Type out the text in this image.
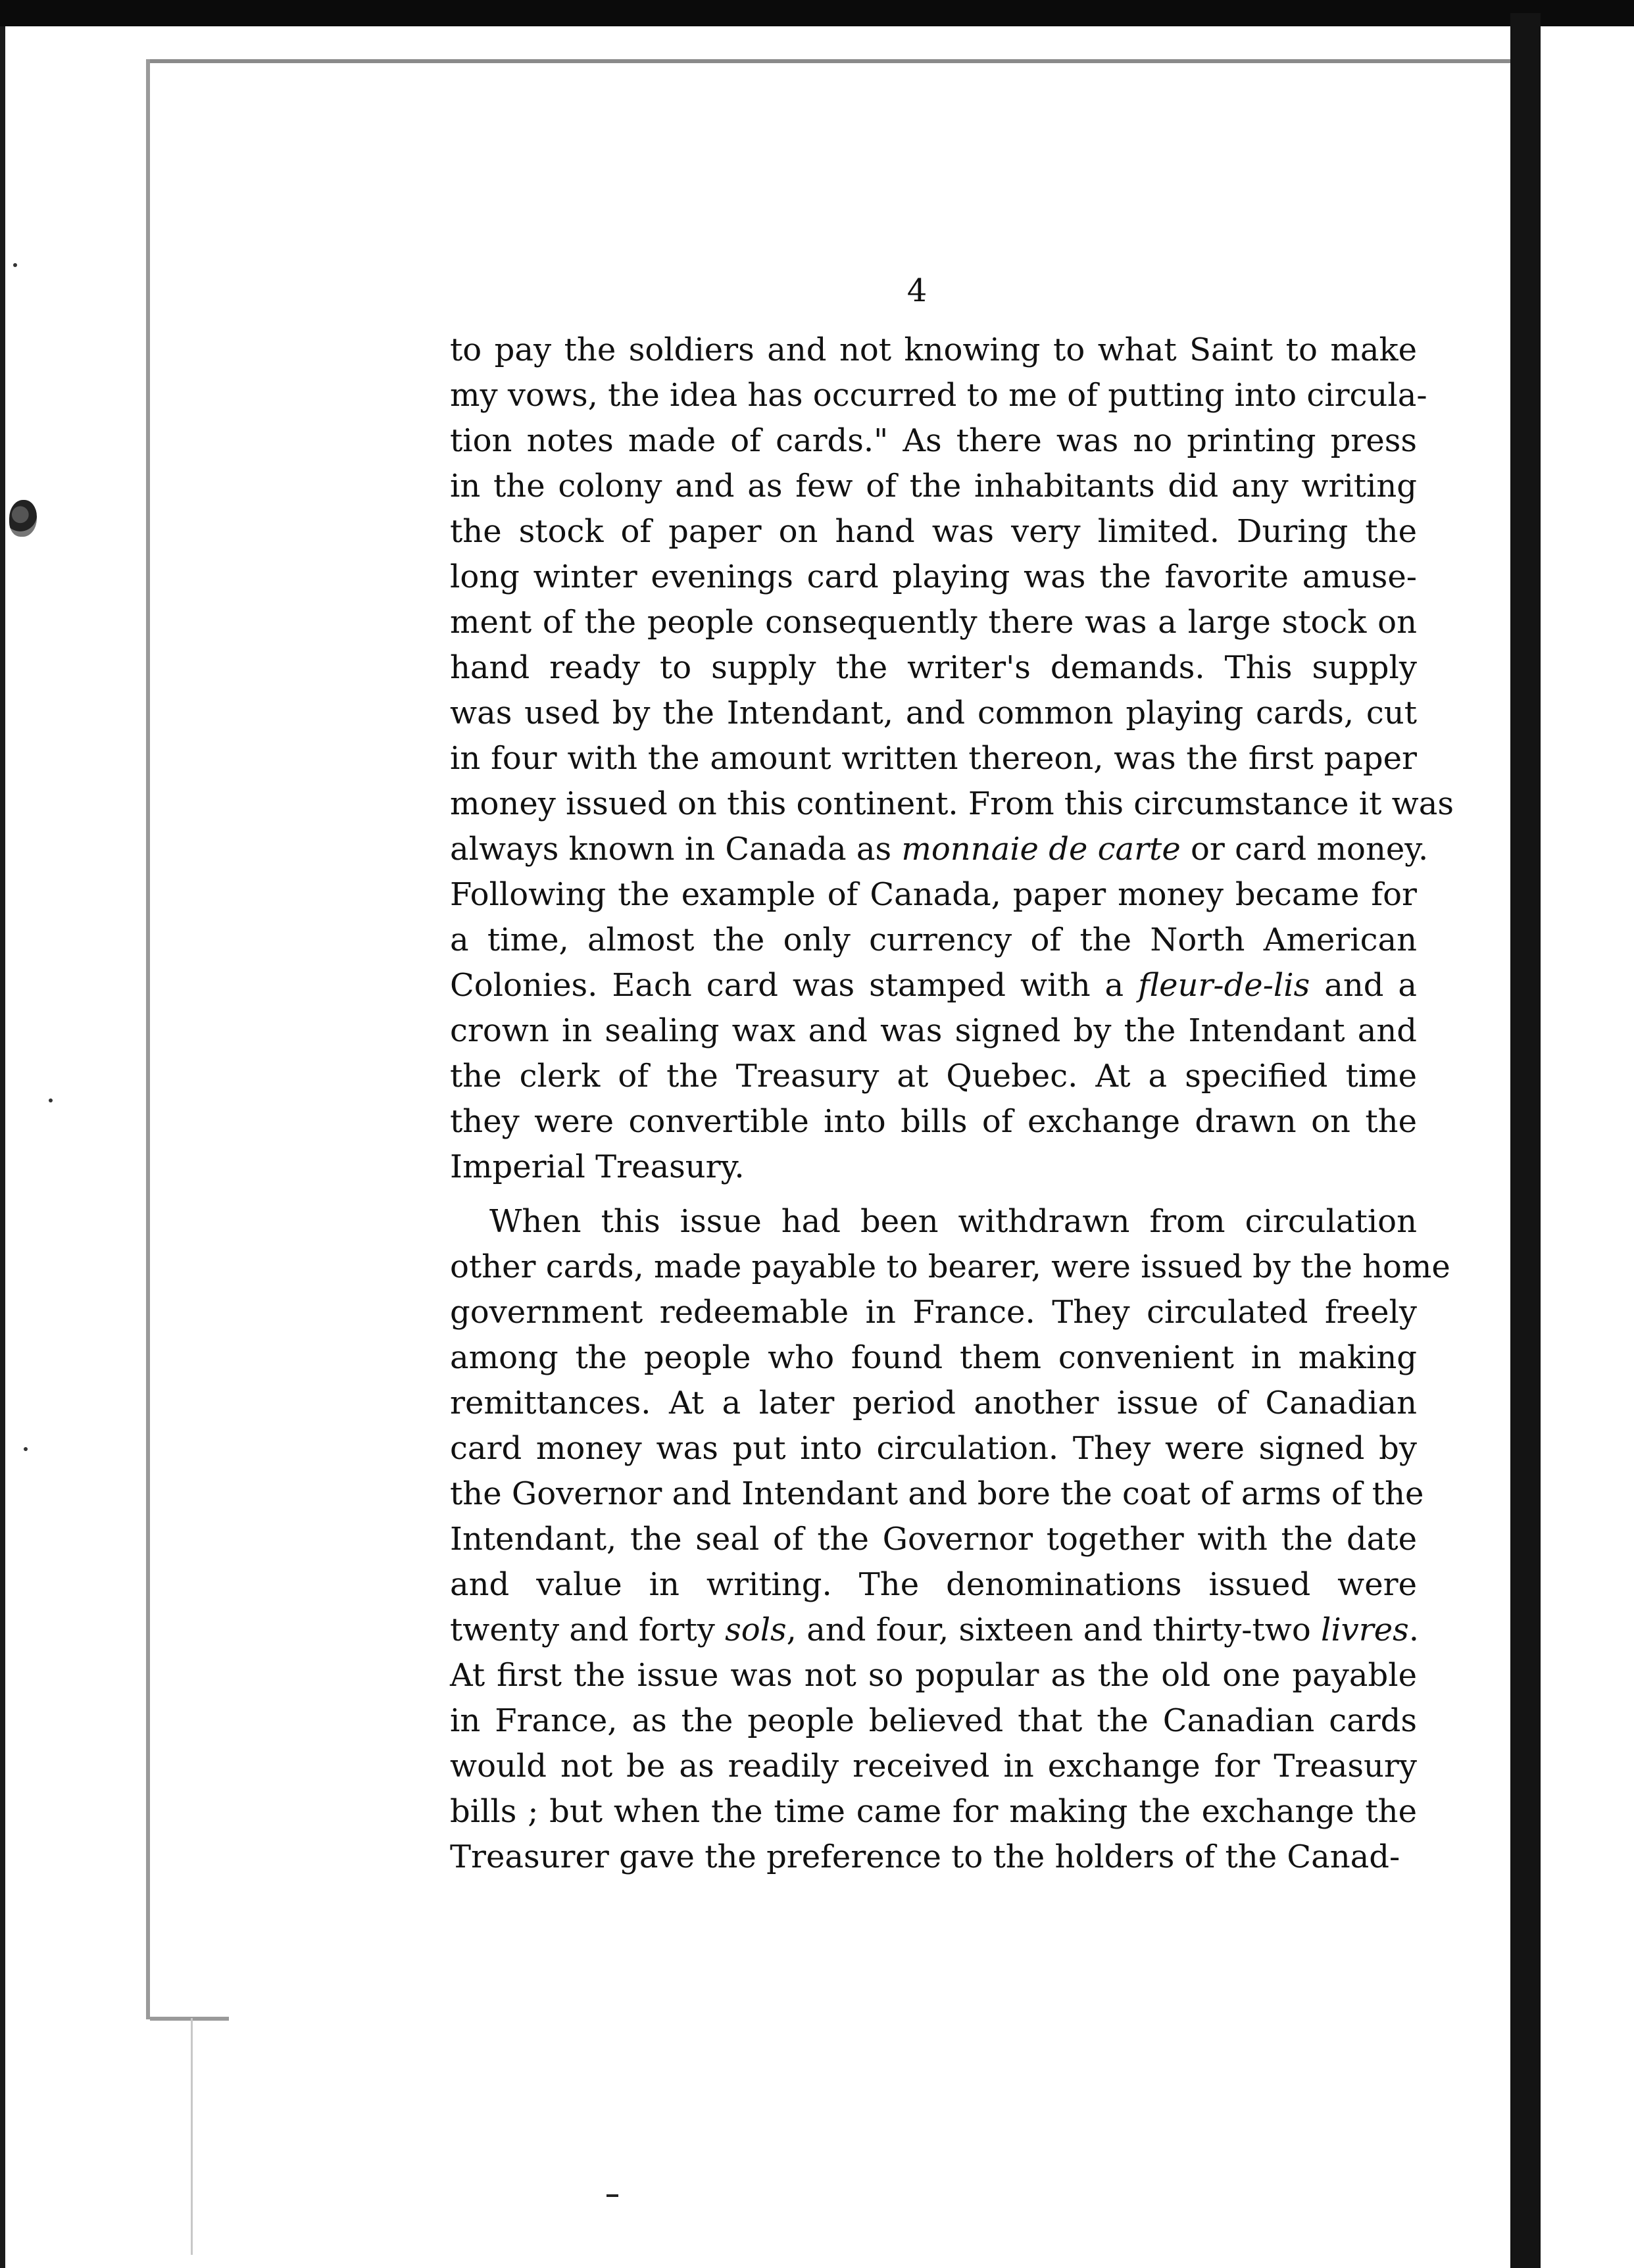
4
to pay the soldiers and not knowing to what Saint to make
my vows, the idea has occurred to me of putting into circula-
tion notes made of cards." As there was no printing press
in the colony and as few of the inhabitants did any writing
the stock of paper on hand was very limited. During the
long winter evenings card playing was the favorite amuse-
ment of the people consequently there was a large stock on
hand ready to supply the writer's demands. This supply
was used by the Intendant, and common playing cards, cut
in four with the amount written thereon, was the first paper
money issued on this continent. From this circumstance it was
always known in Canada as monnaie de carte or card money.
Following the example of Canada, paper money became for
a time, almost the only currency of the North American
Colonies. Each card was stamped with a fleur-de-lis and a
crown in sealing wax and was signed by the Intendant and
the clerk of the Treasury at Quebec. At a specified time
they were convertible into bills of exchange drawn on the
Imperial Treasury.
When this issue had been withdrawn from circulation
other cards, made payable to bearer, were issued by the home
government redeemable in France. They circulated freely
among the people who found them convenient in making
remittances. At a later period another issue of Canadian
card money was put into circulation. They were signed by
the Governor and Intendant and bore the coat of arms of the
Intendant, the seal of the Governor together with the date
and value in writing. The denominations issued were
twenty and forty sols, and four, sixteen and thirty-two livres.
At first the issue was not so popular as the old one payable
in France, as the people believed that the Canadian cards
would not be as readily received in exchange for Treasury
bills ; but when the time came for making the exchange the
Treasurer gave the preference to the holders of the Canad-
